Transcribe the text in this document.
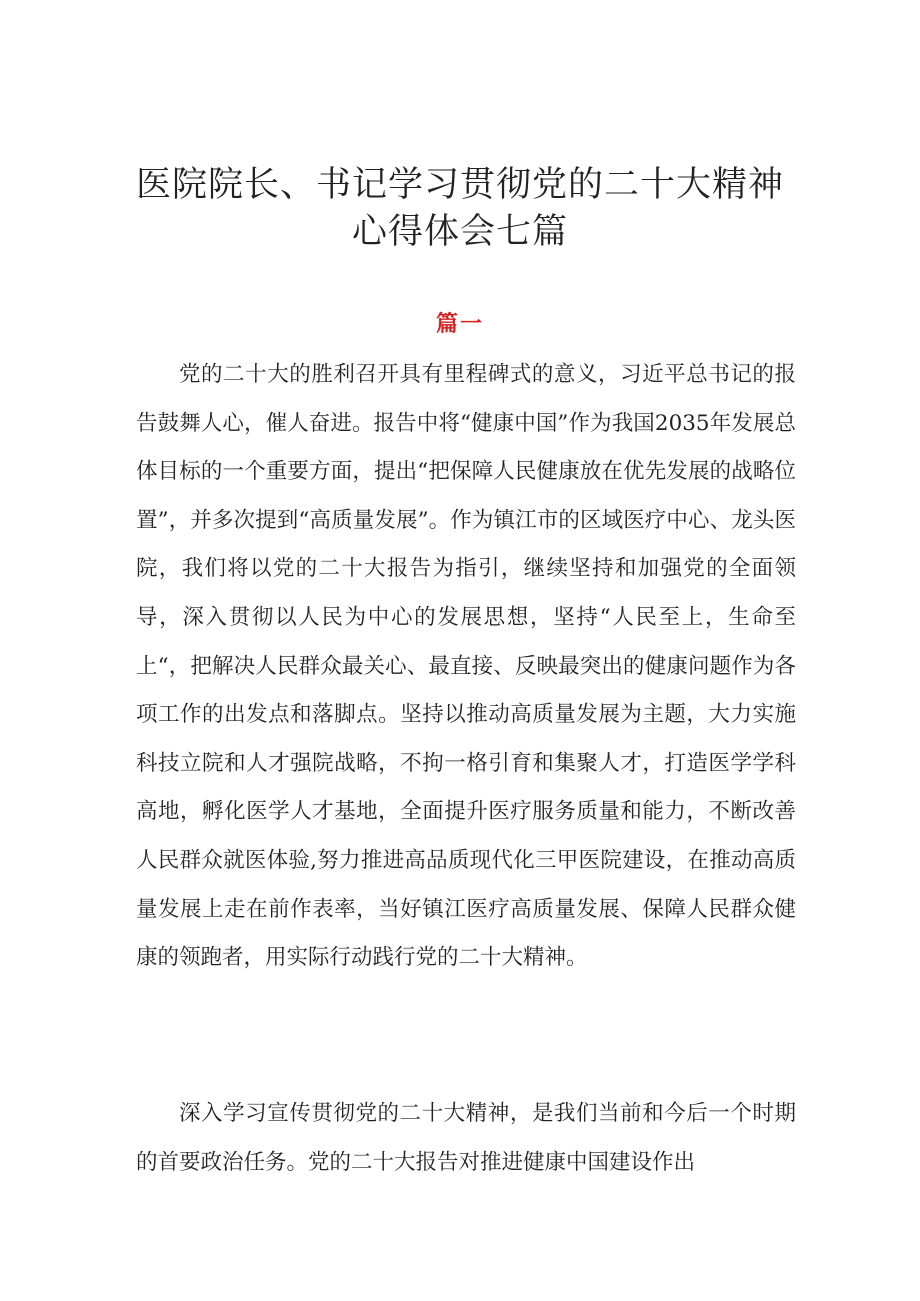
医院院长、书记学习贯彻党的二十大精神
心得体会七篇
篇一

党的二十大的胜利召开具有里程碑式的意义，习近平总书记的报告鼓舞人心，催人奋进。报告中将“健康中国”作为我国2035年发展总体目标的一个重要方面，提出“把保障人民健康放在优先发展的战略位置”，并多次提到“高质量发展”。作为镇江市的区域医疗中心、龙头医院，我们将以党的二十大报告为指引，继续坚持和加强党的全面领导，深入贯彻以人民为中心的发展思想，坚持“人民至上，生命至上“，把解决人民群众最关心、最直接、反映最突出的健康问题作为各项工作的出发点和落脚点。坚持以推动高质量发展为主题，大力实施科技立院和人才强院战略，不拘一格引育和集聚人才，打造医学学科高地，孵化医学人才基地，全面提升医疗服务质量和能力，不断改善人民群众就医体验,努力推进高品质现代化三甲医院建设，在推动高质量发展上走在前作表率，当好镇江医疗高质量发展、保障人民群众健康的领跑者，用实际行动践行党的二十大精神。

深入学习宣传贯彻党的二十大精神，是我们当前和今后一个时期的首要政治任务。党的二十大报告对推进健康中国建设作出
